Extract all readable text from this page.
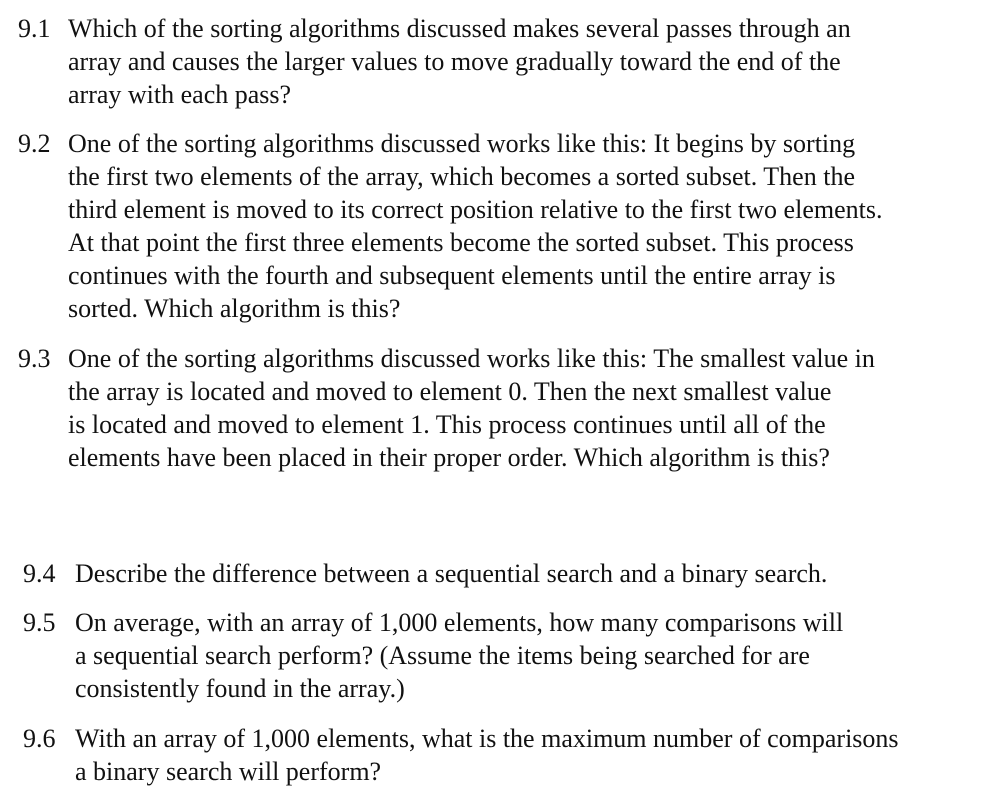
9.1 Which of the sorting algorithms discussed makes several passes through an
array and causes the larger values to move gradually toward the end of the
array with each pass?
9.2 One of the sorting algorithms discussed works like this: It begins by sorting
the first two elements of the array, which becomes a sorted subset. Then the
third element is moved to its correct position relative to the first two elements.
At that point the first three elements become the sorted subset. This process
continues with the fourth and subsequent elements until the entire array is
sorted. Which algorithm is this?
9.3 One of the sorting algorithms discussed works like this: The smallest value in
the array is located and moved to element 0. Then the next smallest value
is located and moved to element 1. This process continues until all of the
elements have been placed in their proper order. Which algorithm is this?
9.4 Describe the difference between a sequential search and a binary search.
9.5 On average, with an array of 1,000 elements, how many comparisons will
a sequential search perform? (Assume the items being searched for are
consistently found in the array.)
9.6 With an array of 1,000 elements, what is the maximum number of comparisons
a binary search will perform?
